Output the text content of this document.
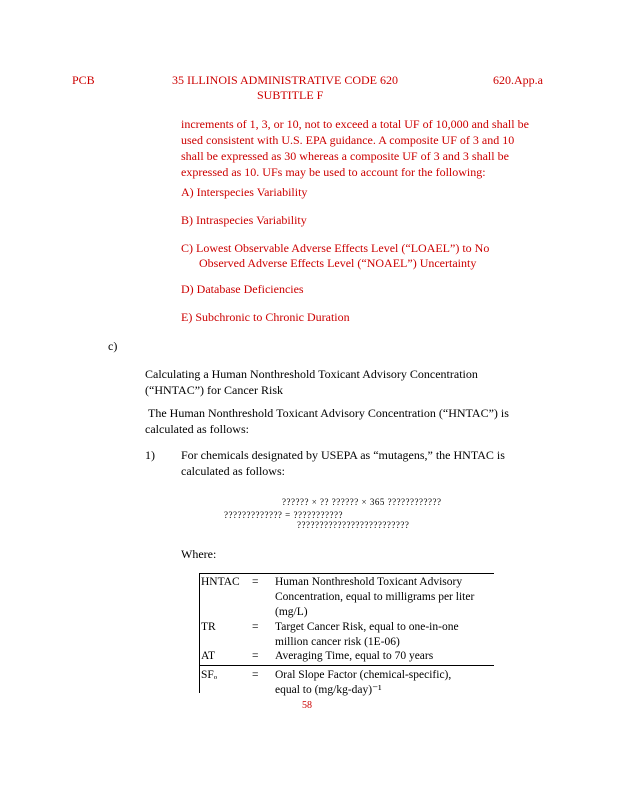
PCB	35 ILLINOIS ADMINISTRATIVE CODE 620	620.App.a
SUBTITLE F
increments of 1, 3, or 10, not to exceed a total UF of 10,000 and shall be
used consistent with U.S. EPA guidance. A composite UF of 3 and 10
shall be expressed as 30 whereas a composite UF of 3 and 3 shall be
expressed as 10. UFs may be used to account for the following:
A) Interspecies Variability
B) Intraspecies Variability
C) Lowest Observable Adverse Effects Level (“LOAEL”) to No
Observed Adverse Effects Level (“NOAEL”) Uncertainty
D) Database Deficiencies
E) Subchronic to Chronic Duration
c)
Calculating a Human Nonthreshold Toxicant Advisory Concentration
(“HNTAC”) for Cancer Risk
The Human Nonthreshold Toxicant Advisory Concentration (“HNTAC”) is
calculated as follows:
1) For chemicals designated by USEPA as “mutagens,” the HNTAC is
calculated as follows:
?????? × ?? ?????? × 365 ????????????
????????????? = ???????????
?????????????????????????
Where:
HNTAC = Human Nonthreshold Toxicant Advisory
Concentration, equal to milligrams per liter
(mg/L)
TR	= Target Cancer Risk, equal to one-in-one
million cancer risk (1E-06)
AT	= Averaging Time, equal to 70 years
SFₒ	= Oral Slope Factor (chemical-specific),
equal to (mg/kg-day)⁻¹
58
